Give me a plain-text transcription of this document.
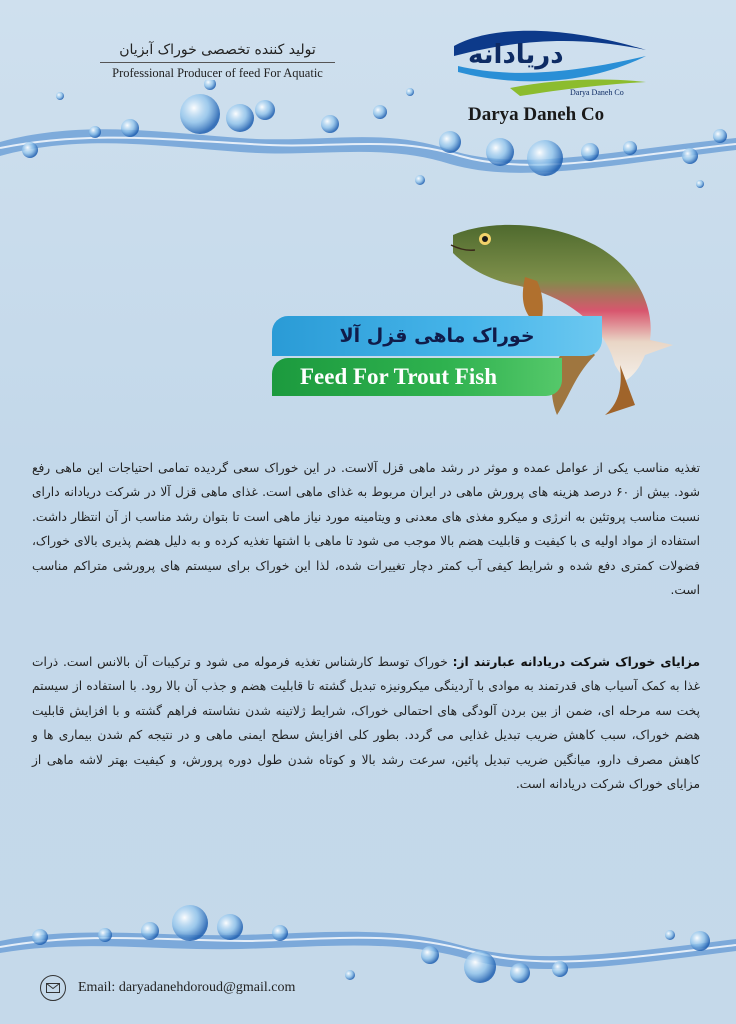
تولید کننده تخصصی خوراک آبزیان
Professional Producer of feed For Aquatic
دریادانه
Darya Daneh Co
Darya Daneh Co
خوراک ماهی قزل آلا
Feed For Trout Fish
تغذیه مناسب یکی از عوامل عمده و موثر در رشد ماهی قزل آلاست. در این خوراک سعی گردیده تمامی احتیاجات این ماهی رفع شود. بیش از ۶۰ درصد هزینه های پرورش ماهی در ایران مربوط به غذای ماهی است. غذای ماهی قزل آلا در شرکت دریادانه دارای نسبت مناسب پروتئین به انرژی و میکرو مغذی های معدنی و ویتامینه مورد نیاز ماهی است تا بتوان رشد مناسب از آن انتظار داشت. استفاده از مواد اولیه ی با کیفیت و قابلیت هضم بالا موجب می شود تا ماهی با اشتها تغذیه کرده و به دلیل هضم پذیری بالای خوراک، فضولات کمتری دفع شده و شرایط کیفی آب کمتر دچار تغییرات شده، لذا این خوراک برای سیستم های پرورشی متراکم مناسب است.
مزایای خوراک شرکت دریادانه عبارتند از: خوراک توسط کارشناس تغذیه فرموله می شود و ترکیبات آن بالانس است. ذرات غذا به کمک آسیاب های قدرتمند به موادی با آردینگی میکرونیزه تبدیل گشته تا قابلیت هضم و جذب آن بالا رود. با استفاده از سیستم پخت سه مرحله ای، ضمن از بین بردن آلودگی های احتمالی خوراک، شرایط ژلاتینه شدن نشاسته فراهم گشته و با افزایش قابلیت هضم خوراک، سبب کاهش ضریب تبدیل غذایی می گردد. بطور کلی افزایش سطح ایمنی ماهی و در نتیجه کم شدن بیماری ها و کاهش مصرف دارو، میانگین ضریب تبدیل پائین، سرعت رشد بالا و کوتاه شدن طول دوره پرورش، و کیفیت بهتر لاشه ماهی از مزایای خوراک شرکت دریادانه است.
Email: daryadanehdoroud@gmail.com
